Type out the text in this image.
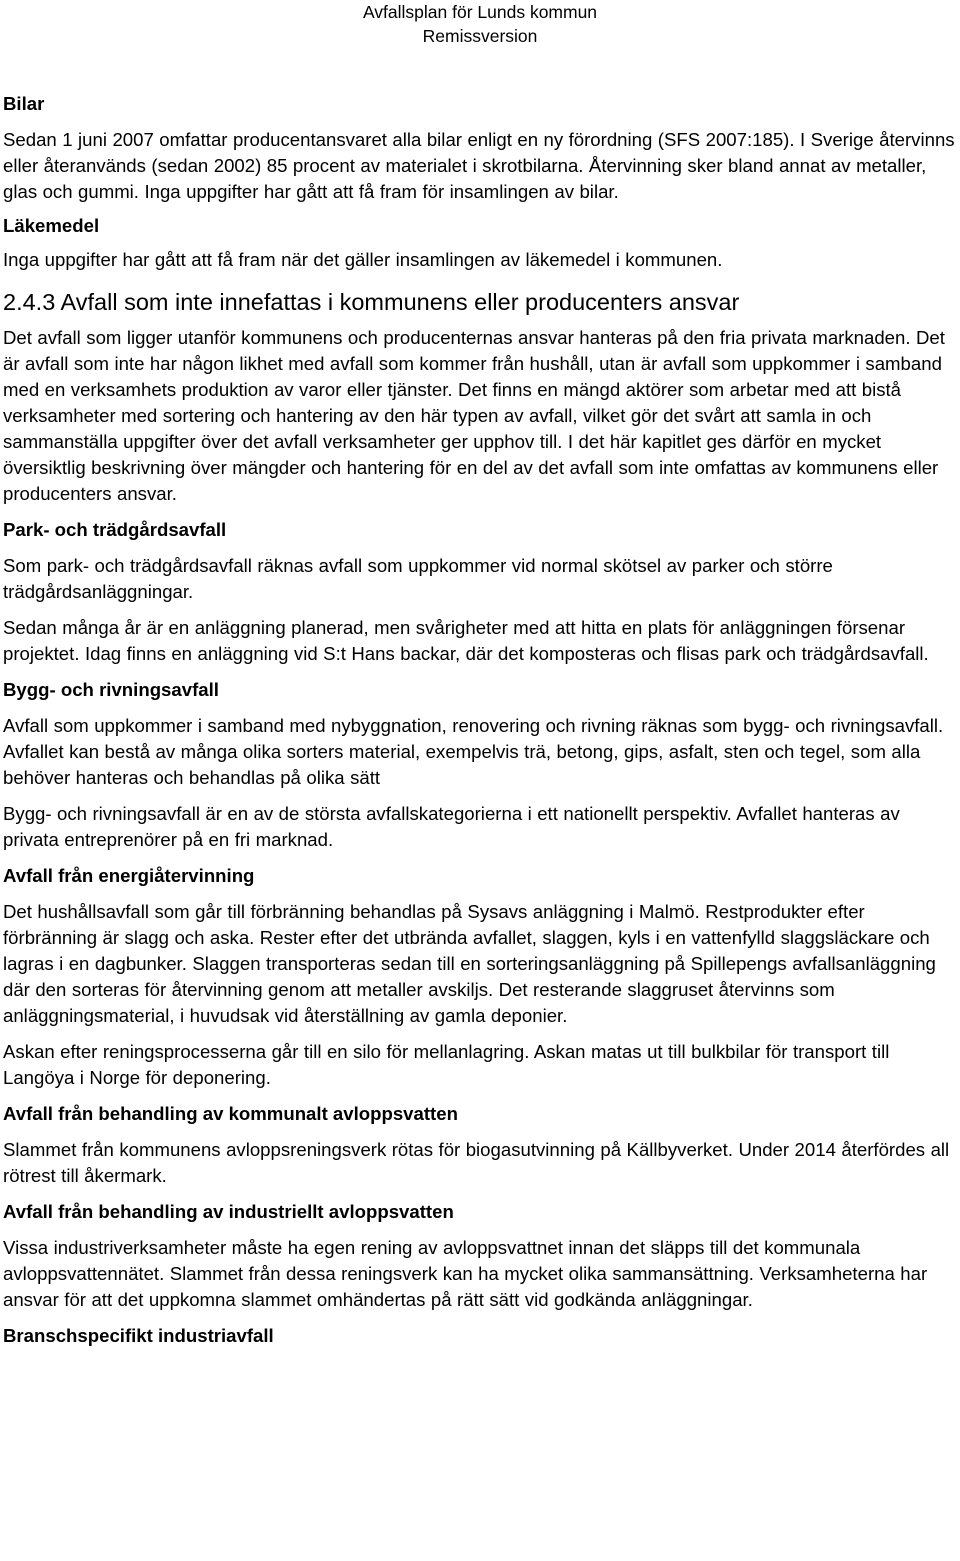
Avfallsplan för Lunds kommun
Remissversion
Bilar

Sedan 1 juni 2007 omfattar producentansvaret alla bilar enligt en ny förordning (SFS 2007:185). I Sverige återvinns eller återanvänds (sedan 2002) 85 procent av materialet i skrotbilarna. Återvinning sker bland annat av metaller, glas och gummi. Inga uppgifter har gått att få fram för insamlingen av bilar.

Läkemedel

Inga uppgifter har gått att få fram när det gäller insamlingen av läkemedel i kommunen.

2.4.3 Avfall som inte innefattas i kommunens eller producenters ansvar

Det avfall som ligger utanför kommunens och producenternas ansvar hanteras på den fria privata marknaden. Det är avfall som inte har någon likhet med avfall som kommer från hushåll, utan är avfall som uppkommer i samband med en verksamhets produktion av varor eller tjänster. Det finns en mängd aktörer som arbetar med att bistå verksamheter med sortering och hantering av den här typen av avfall, vilket gör det svårt att samla in och sammanställa uppgifter över det avfall verksamheter ger upphov till. I det här kapitlet ges därför en mycket översiktlig beskrivning över mängder och hantering för en del av det avfall som inte omfattas av kommunens eller producenters ansvar.

Park- och trädgårdsavfall

Som park- och trädgårdsavfall räknas avfall som uppkommer vid normal skötsel av parker och större trädgårdsanläggningar.

Sedan många år är en anläggning planerad, men svårigheter med att hitta en plats för anläggningen försenar projektet. Idag finns en anläggning vid S:t Hans backar, där det komposteras och flisas park och trädgårdsavfall.

Bygg- och rivningsavfall

Avfall som uppkommer i samband med nybyggnation, renovering och rivning räknas som bygg- och rivningsavfall. Avfallet kan bestå av många olika sorters material, exempelvis trä, betong, gips, asfalt, sten och tegel, som alla behöver hanteras och behandlas på olika sätt

Bygg- och rivningsavfall är en av de största avfallskategorierna i ett nationellt perspektiv. Avfallet hanteras av privata entreprenörer på en fri marknad.

Avfall från energiåtervinning

Det hushållsavfall som går till förbränning behandlas på Sysavs anläggning i Malmö. Restprodukter efter förbränning är slagg och aska. Rester efter det utbrända avfallet, slaggen, kyls i en vattenfylld slaggsläckare och lagras i en dagbunker. Slaggen transporteras sedan till en sorteringsanläggning på Spillepengs avfallsanläggning där den sorteras för återvinning genom att metaller avskiljs. Det resterande slaggruset återvinns som anläggningsmaterial, i huvudsak vid återställning av gamla deponier.

Askan efter reningsprocesserna går till en silo för mellanlagring. Askan matas ut till bulkbilar för transport till Langöya i Norge för deponering.

Avfall från behandling av kommunalt avloppsvatten

Slammet från kommunens avloppsreningsverk rötas för biogasutvinning på Källbyverket. Under 2014 återfördes all rötrest till åkermark.

Avfall från behandling av industriellt avloppsvatten

Vissa industriverksamheter måste ha egen rening av avloppsvattnet innan det släpps till det kommunala avloppsvattennätet. Slammet från dessa reningsverk kan ha mycket olika sammansättning. Verksamheterna har ansvar för att det uppkomna slammet omhändertas på rätt sätt vid godkända anläggningar.

Branschspecifikt industriavfall
